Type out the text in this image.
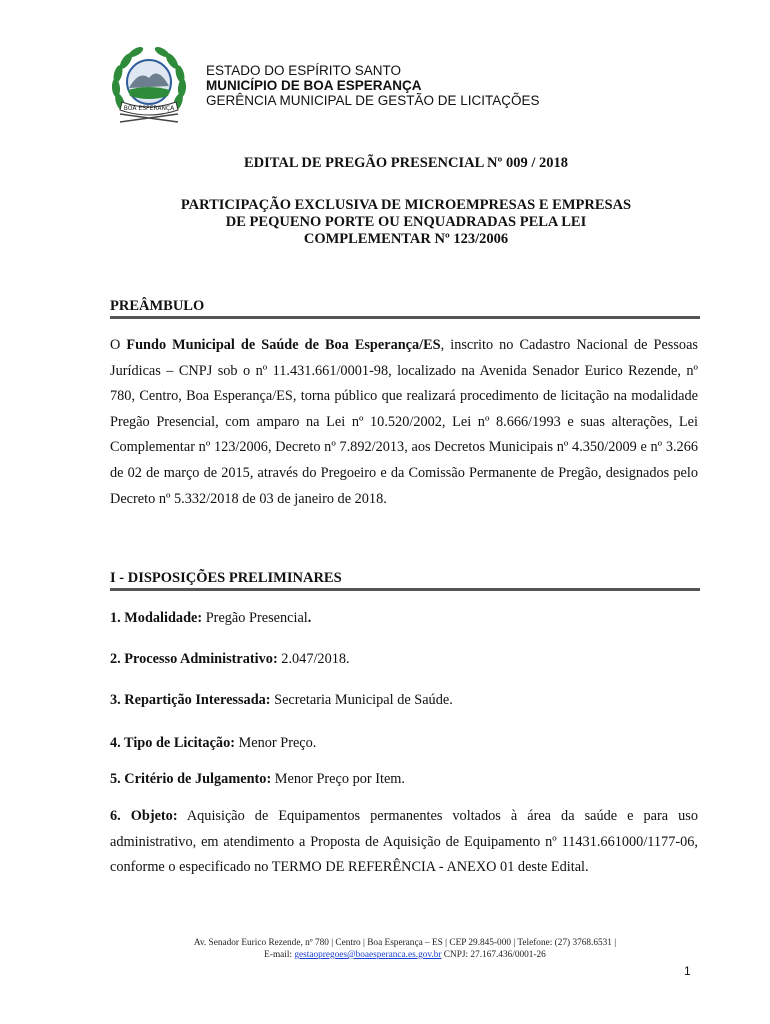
BOA ESPERANÇA
ESTADO DO ESPÍRITO SANTO
MUNICÍPIO DE BOA ESPERANÇA
GERÊNCIA MUNICIPAL DE GESTÃO DE LICITAÇÕES
EDITAL DE PREGÃO PRESENCIAL Nº 009 / 2018
PARTICIPAÇÃO EXCLUSIVA DE MICROEMPRESAS E EMPRESAS
DE PEQUENO PORTE OU ENQUADRADAS PELA LEI
COMPLEMENTAR Nº 123/2006
PREÂMBULO
O Fundo Municipal de Saúde de Boa Esperança/ES, inscrito no Cadastro Nacional de Pessoas Jurídicas – CNPJ sob o nº 11.431.661/0001-98, localizado na Avenida Senador Eurico Rezende, nº 780, Centro, Boa Esperança/ES, torna público que realizará procedimento de licitação na modalidade Pregão Presencial, com amparo na Lei nº 10.520/2002, Lei nº 8.666/1993 e suas alterações, Lei Complementar nº 123/2006, Decreto nº 7.892/2013, aos Decretos Municipais nº 4.350/2009 e nº 3.266 de 02 de março de 2015, através do Pregoeiro e da Comissão Permanente de Pregão, designados pelo Decreto nº 5.332/2018 de 03 de janeiro de 2018.
I - DISPOSIÇÕES PRELIMINARES
1. Modalidade: Pregão Presencial.
2. Processo Administrativo: 2.047/2018.
3. Repartição Interessada: Secretaria Municipal de Saúde.
4. Tipo de Licitação: Menor Preço.
5. Critério de Julgamento: Menor Preço por Item.
6. Objeto: Aquisição de Equipamentos permanentes voltados à área da saúde e para uso administrativo, em atendimento a Proposta de Aquisição de Equipamento nº 11431.661000/1177-06, conforme o especificado no TERMO DE REFERÊNCIA - ANEXO 01 deste Edital.
Av. Senador Eurico Rezende, nº 780 | Centro | Boa Esperança – ES | CEP 29.845-000 | Telefone: (27) 3768.6531 |
E-mail: gestaopregoes@boaesperanca.es.gov.br CNPJ: 27.167.436/0001-26
1
